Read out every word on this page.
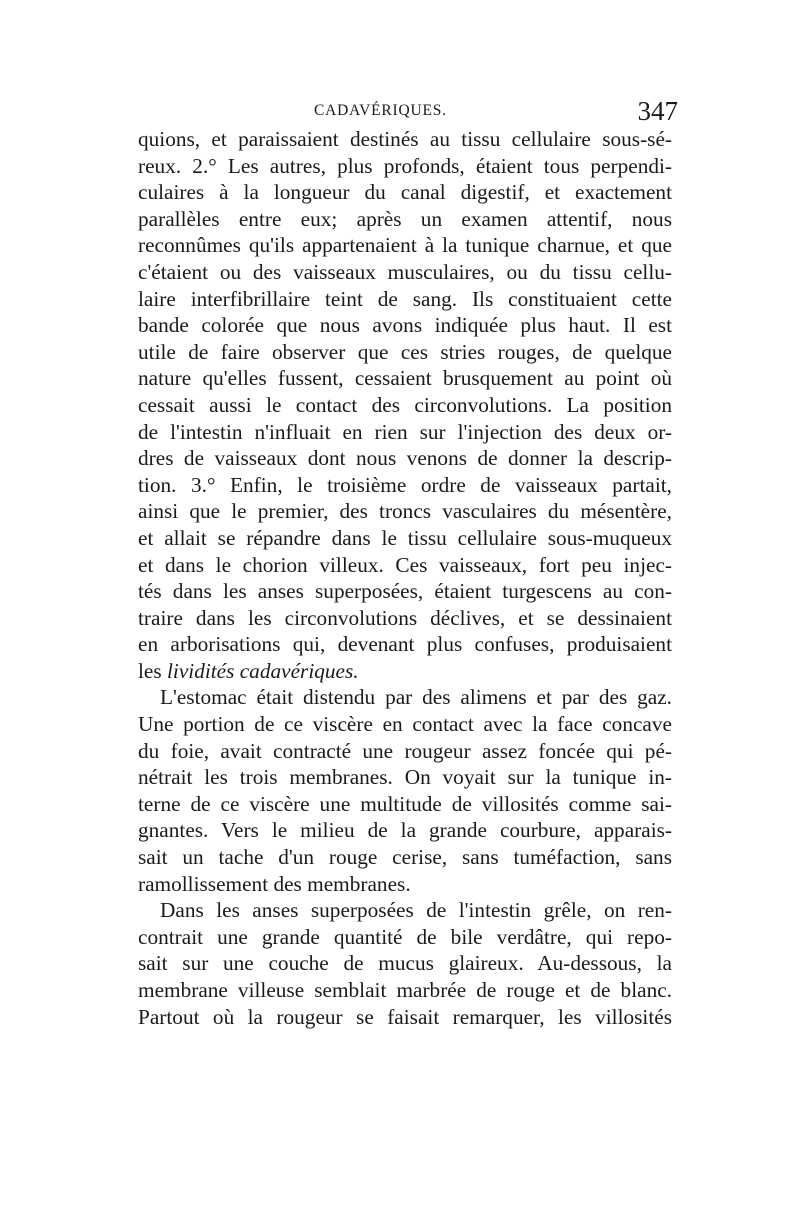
CADAVÉRIQUES.	347
quions, et paraissaient destinés au tissu cellulaire sous-sé-
reux. 2.° Les autres, plus profonds, étaient tous perpendi-
culaires à la longueur du canal digestif, et exactement
parallèles entre eux; après un examen attentif, nous
reconnûmes qu'ils appartenaient à la tunique charnue, et que
c'étaient ou des vaisseaux musculaires, ou du tissu cellu-
laire interfibrillaire teint de sang. Ils constituaient cette
bande colorée que nous avons indiquée plus haut. Il est
utile de faire observer que ces stries rouges, de quelque
nature qu'elles fussent, cessaient brusquement au point où
cessait aussi le contact des circonvolutions. La position
de l'intestin n'influait en rien sur l'injection des deux or-
dres de vaisseaux dont nous venons de donner la descrip-
tion. 3.° Enfin, le troisième ordre de vaisseaux partait,
ainsi que le premier, des troncs vasculaires du mésentère,
et allait se répandre dans le tissu cellulaire sous-muqueux
et dans le chorion villeux. Ces vaisseaux, fort peu injec-
tés dans les anses superposées, étaient turgescens au con-
traire dans les circonvolutions déclives, et se dessinaient
en arborisations qui, devenant plus confuses, produisaient
les lividités cadavériques.
L'estomac était distendu par des alimens et par des gaz.
Une portion de ce viscère en contact avec la face concave
du foie, avait contracté une rougeur assez foncée qui pé-
nétrait les trois membranes. On voyait sur la tunique in-
terne de ce viscère une multitude de villosités comme sai-
gnantes. Vers le milieu de la grande courbure, apparais-
sait un tache d'un rouge cerise, sans tuméfaction, sans
ramollissement des membranes.
Dans les anses superposées de l'intestin grêle, on ren-
contrait une grande quantité de bile verdâtre, qui repo-
sait sur une couche de mucus glaireux. Au-dessous, la
membrane villeuse semblait marbrée de rouge et de blanc.
Partout où la rougeur se faisait remarquer, les villosités
